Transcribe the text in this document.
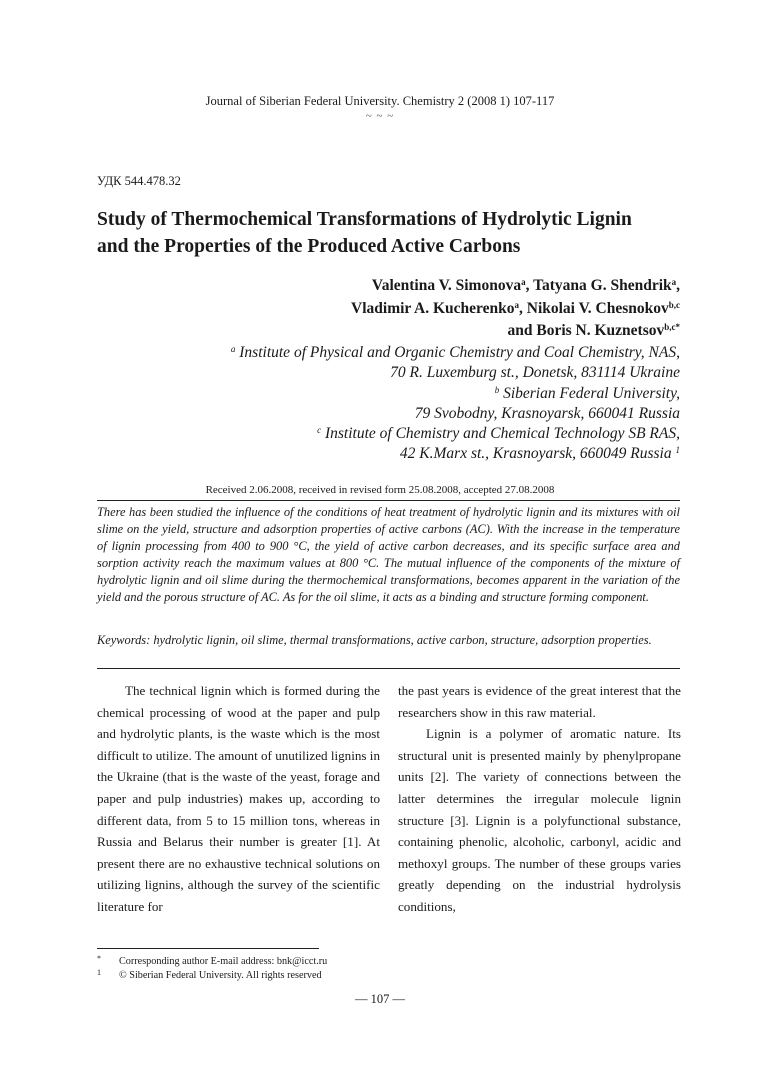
Journal of Siberian Federal University. Chemistry 2 (2008 1) 107-117
~ ~ ~
УДК 544.478.32
Study of Thermochemical Transformations of Hydrolytic Lignin
and the Properties of the Produced Active Carbons
Valentina V. Simonova$^a$, Tatyana G. Shendrik$^a$,
Vladimir A. Kucherenko$^a$, Nikolai V. Chesnokov$^{b,c}$
and Boris N. Kuznetsov$^{b,c*}$
$^a$ Institute of Physical and Organic Chemistry and Coal Chemistry, NAS,
70 R. Luxemburg st., Donetsk, 831114 Ukraine
$^b$ Siberian Federal University,
79 Svobodny, Krasnoyarsk, 660041 Russia
$^c$ Institute of Chemistry and Chemical Technology SB RAS,
42 K.Marx st., Krasnoyarsk, 660049 Russia $^1$
Received 2.06.2008, received in revised form 25.08.2008, accepted 27.08.2008
There has been studied the influence of the conditions of heat treatment of hydrolytic lignin and its mixtures with oil slime on the yield, structure and adsorption properties of active carbons (AC). With the increase in the temperature of lignin processing from 400 to 900 °C, the yield of active carbon decreases, and its specific surface area and sorption activity reach the maximum values at 800 °C. The mutual influence of the components of the mixture of hydrolytic lignin and oil slime during the thermochemical transformations, becomes apparent in the variation of the yield and the porous structure of AC. As for the oil slime, it acts as a binding and structure forming component.
Keywords: hydrolytic lignin, oil slime, thermal transformations, active carbon, structure, adsorption properties.

The technical lignin which is formed during the chemical processing of wood at the paper and pulp and hydrolytic plants, is the waste which is the most difficult to utilize. The amount of unutilized lignins in the Ukraine (that is the waste of the yeast, forage and paper and pulp industries) makes up, according to different data, from 5 to 15 million tons, whereas in Russia and Belarus their number is greater [1]. At present there are no exhaustive technical solutions on utilizing lignins, although the survey of the scientific literature for

the past years is evidence of the great interest that the researchers show in this raw material.

Lignin is a polymer of aromatic nature. Its structural unit is presented mainly by phenylpropane units [2]. The variety of connections between the latter determines the irregular molecule lignin structure [3]. Lignin is a polyfunctional substance, containing phenolic, alcoholic, carbonyl, acidic and methoxyl groups. The number of these groups varies greatly depending on the industrial hydrolysis conditions,

* Corresponding author E-mail address: bnk@icct.ru
1 © Siberian Federal University. All rights reserved
— 107 —
